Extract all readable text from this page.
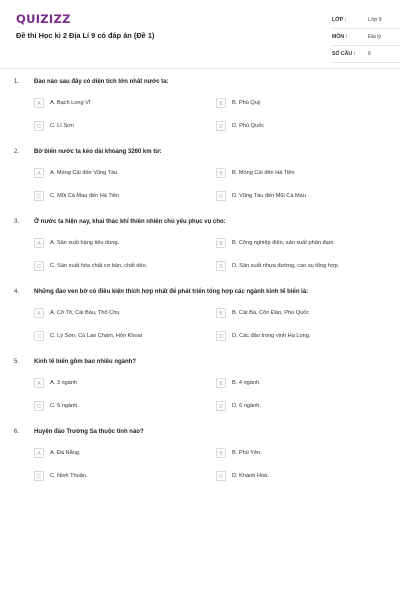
QUIZIZZ
Đề thi Học kì 2 Địa Lí 9 có đáp án (Đề 1)
LỚP :	Lớp 9
MÔN :	Địa lý
SỐ CÂU : 6
1. Đảo nào sau đây có diện tích lớn nhất nước ta:
A	A. Bạch Long Vĩ	B	B. Phú Quý
C	C. Lí Sơn	D	D. Phú Quốc
2. Bờ biển nước ta kéo dài khoảng 3260 km từ:
A	A. Móng Cái đến Vũng Tàu	B	B. Móng Cái đến Hà Tiên
C	C. Mũi Cà Mau đến Hà Tiên	D	D. Vũng Tàu đến Mũi Cà Mau
3. Ở nước ta hiện nay, khai thác khí thiên nhiên chủ yếu phục vụ cho:
A	A. Sản xuất hàng tiêu dùng.	B	B. Công nghiệp điện, sản xuất phân đạm.
C	C. Sản xuất hóa chất cơ bản, chất dẻo.	D	D. Sản xuất nhựa đường, cao su tổng hợp.
4. Những đảo ven bờ có điều kiện thích hợp nhất để phát triển tổng hợp các ngành kinh tế biển là:
A	A. Cô Tô, Cái Bầu, Thổ Chu	B	B. Cát Bà, Côn Đảo, Phú Quốc
C	C. Lý Sơn, Cù Lao Chàm, Hòn Khoai	D	D. Các đảo trong vịnh Hạ Long.
5. Kinh tế biển gồm bao nhiêu ngành?
A	A. 3 ngành	B	B. 4 ngành.
C	C. 5 ngành.	D	D. 6 ngành.
6. Huyện đảo Trường Sa thuộc tỉnh nào?
A	A. Đà Nẵng.	B	B. Phú Yên.
C	C. Ninh Thuận.	D	D. Khánh Hoà.
